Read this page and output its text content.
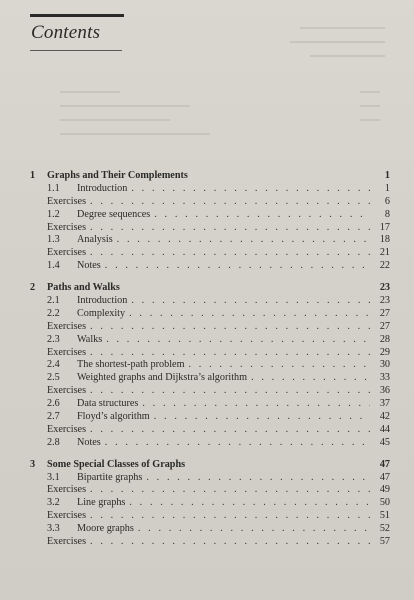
Contents
1	Graphs and Their Complements	1
1.1	Introduction . . .	1
Exercises . . .	6
1.2	Degree sequences . . .	8
Exercises . . .	17
1.3	Analysis . . .	18
Exercises . . .	21
1.4	Notes . . .	22
2	Paths and Walks	23
2.1	Introduction . . .	23
2.2	Complexity . . .	27
Exercises . . .	27
2.3	Walks . . .	28
Exercises . . .	29
2.4	The shortest-path problem . . .	30
2.5	Weighted graphs and Dijkstra’s algorithm . . .	33
Exercises . . .	36
2.6	Data structures . . .	37
2.7	Floyd’s algorithm . . .	42
Exercises . . .	44
2.8	Notes . . .	45
3	Some Special Classes of Graphs	47
3.1	Bipartite graphs . . .	47
Exercises . . .	49
3.2	Line graphs . . .	50
Exercises . . .	51
3.3	Moore graphs . . .	52
Exercises . . .	57
